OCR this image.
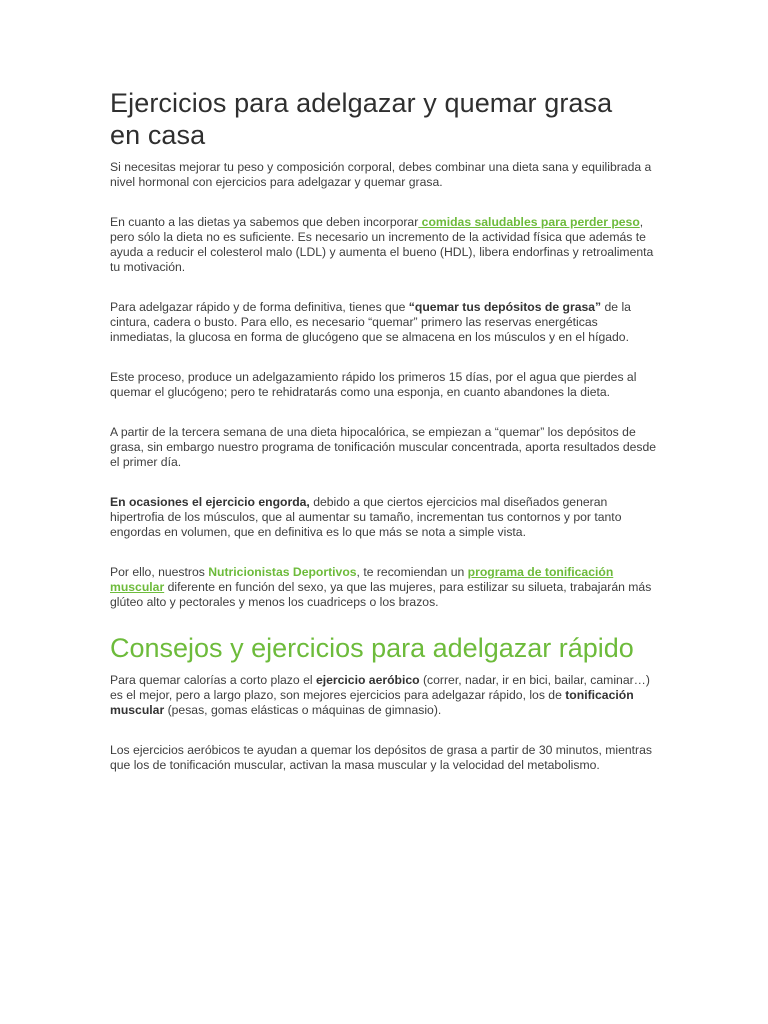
Ejercicios para adelgazar y quemar grasa en casa

Si necesitas mejorar tu peso y composición corporal, debes combinar una dieta sana y equilibrada a nivel hormonal con ejercicios para adelgazar y quemar grasa.

En cuanto a las dietas ya sabemos que deben incorporar comidas saludables para perder peso, pero sólo la dieta no es suficiente. Es necesario un incremento de la actividad física que además te ayuda a reducir el colesterol malo (LDL) y aumenta el bueno (HDL), libera endorfinas y retroalimenta tu motivación.

Para adelgazar rápido y de forma definitiva, tienes que “quemar tus depósitos de grasa” de la cintura, cadera o busto. Para ello, es necesario “quemar” primero las reservas energéticas inmediatas, la glucosa en forma de glucógeno que se almacena en los músculos y en el hígado.

Este proceso, produce un adelgazamiento rápido los primeros 15 días, por el agua que pierdes al quemar el glucógeno; pero te rehidratarás como una esponja, en cuanto abandones la dieta.

A partir de la tercera semana de una dieta hipocalórica, se empiezan a “quemar” los depósitos de grasa, sin embargo nuestro programa de tonificación muscular concentrada, aporta resultados desde el primer día.

En ocasiones el ejercicio engorda, debido a que ciertos ejercicios mal diseñados generan hipertrofia de los músculos, que al aumentar su tamaño, incrementan tus contornos y por tanto engordas en volumen, que en definitiva es lo que más se nota a simple vista.

Por ello, nuestros Nutricionistas Deportivos, te recomiendan un programa de tonificación muscular diferente en función del sexo, ya que las mujeres, para estilizar su silueta, trabajarán más glúteo alto y pectorales y menos los cuadriceps o los brazos.

Consejos y ejercicios para adelgazar rápido

Para quemar calorías a corto plazo el ejercicio aeróbico (correr, nadar, ir en bici, bailar, caminar…) es el mejor, pero a largo plazo, son mejores ejercicios para adelgazar rápido, los de tonificación muscular (pesas, gomas elásticas o máquinas de gimnasio).

Los ejercicios aeróbicos te ayudan a quemar los depósitos de grasa a partir de 30 minutos, mientras que los de tonificación muscular, activan la masa muscular y la velocidad del metabolismo.
